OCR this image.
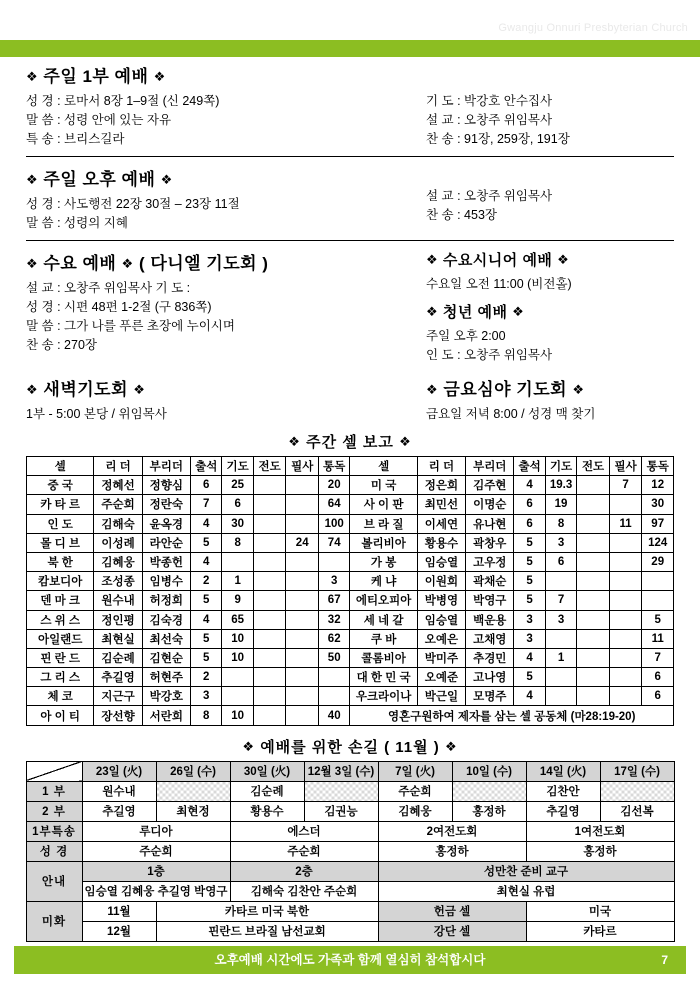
Gwangju Onnuri Presbyterian Church
❖ 주일 1부 예배 ❖
성 경 : 로마서 8장 1–9절 (신 249쪽)
말 씀 : 성령 안에 있는 자유
특 송 : 브리스길라
기 도 : 박강호 안수집사
설 교 : 오창주 위임목사
찬 송 : 91장, 259장, 191장
❖ 주일 오후 예배 ❖
성 경 : 사도행전 22장 30절 – 23장 11절
말 씀 : 성령의 지혜
설 교 : 오창주 위임목사
찬 송 : 453장
❖ 수요 예배 ❖ ( 다니엘 기도회 )
설 교 : 오창주 위임목사 기 도 :
성 경 : 시편 48편 1-2절 (구 836쪽)
말 씀 : 그가 나를 푸른 초장에 누이시며
찬 송 : 270장
❖ 수요시니어 예배 ❖
수요일 오전 11:00 (비전홀)
❖ 청년 예배 ❖
주일 오후 2:00
인 도 : 오창주 위임목사
❖ 새벽기도회 ❖
1부 - 5:00 본당 / 위임목사
❖ 금요심야 기도회 ❖
금요일 저녁 8:00 / 성경 맥 찾기
❖ 주간 셀 보고 ❖
셀	리 더	부리더	출석	기도	전도	필사	통독	셀	리 더	부리더	출석	기도	전도	필사	통독
중 국	정혜선	정향심	6	25			20	미 국	정은희	김주현	4	19.3		7	12
카 타 르	주순희	정란숙	7	6			64	사 이 판	최민선	이명순	6	19			30
인 도	김해숙	윤옥경	4	30			100	브 라 질	이세연	유나현	6	8		11	97
몰 디 브	이성례	라안순	5	8		24	74	볼리비아	황용수	곽창우	5	3			124
북 한	김혜웅	박종헌	4					가 봉	임승열	고우정	5	6			29
캄보디아	조성종	임병수	2	1			3	케 냐	이원희	곽채순	5				
덴 마 크	원수내	허정희	5	9			67	에티오피아	박병영	박영구	5	7			
스 위 스	정인평	김숙경	4	65			32	세 네 갈	임승열	백운용	3	3			5
아일랜드	최현실	최선숙	5	10			62	쿠 바	오예은	고채영	3				11
핀 란 드	김순례	김현순	5	10			50	콜롬비아	박미주	추경민	4	1			7
그 리 스	추길영	허현주	2					대 한 민 국	오예준	고나영	5				6
체 코	지근구	박강호	3					우크라이나	박근일	모명주	4				6
아 이 티	장선향	서란희	8	10			40	영혼구원하여 제자를 삼는 셀 공동체 (마28:19-20)							
❖ 예배를 위한 손길 ( 11월 ) ❖
	23일 (火)	26일 (수)	30일 (火)	12월 3일 (수)	7일 (火)	10일 (수)	14일 (火)	17일 (수)
1 부	원수내		김순례		주순희		김찬안	
2 부	추길영	최현정	황용수	김권능	김혜웅	홍정하	추길영	김선복
1부특송	루디아		에스더		2여전도회		1여전도회	
성 경	주순희		주순희		홍정하		홍정하	
안내	1층		2층		성만찬 준비 교구			
	임승열 김혜웅 추길영 박영구		김해숙 김찬안 주순희		최현실 유럽			
미화	11월	카타르 미국 북한			헌금 셀		미국	
	12월	핀란드 브라질 남선교회			강단 셀		카타르	
오후예배 시간에도 가족과 함께 열심히 참석합시다	7
